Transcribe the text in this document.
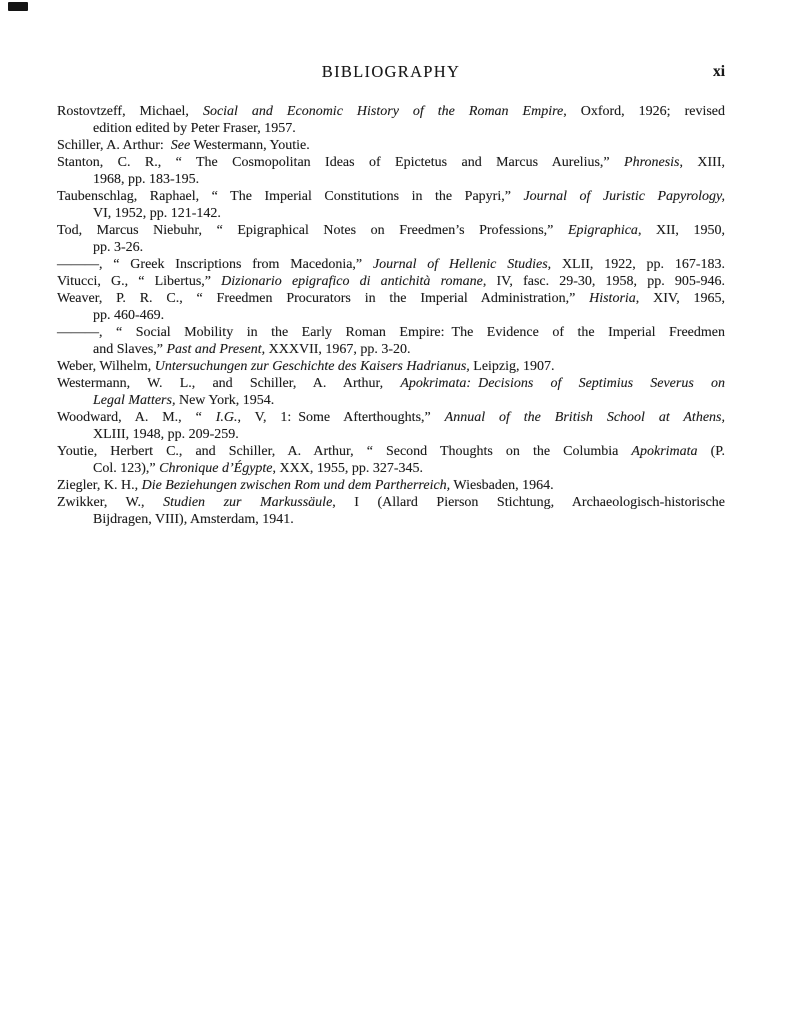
BIBLIOGRAPHY	xi
Rostovtzeff, Michael, Social and Economic History of the Roman Empire, Oxford, 1926; revised
edition edited by Peter Fraser, 1957.
Schiller, A. Arthur: See Westermann, Youtie.
Stanton, C. R., “ The Cosmopolitan Ideas of Epictetus and Marcus Aurelius,” Phronesis, XIII,
1968, pp. 183-195.
Taubenschlag, Raphael, “ The Imperial Constitutions in the Papyri,” Journal of Juristic Papyrology,
VI, 1952, pp. 121-142.
Tod, Marcus Niebuhr, “ Epigraphical Notes on Freedmen’s Professions,” Epigraphica, XII, 1950,
pp. 3-26.
———, “ Greek Inscriptions from Macedonia,” Journal of Hellenic Studies, XLII, 1922, pp. 167-183.
Vitucci, G., “ Libertus,” Dizionario epigrafico di antichità romane, IV, fasc. 29-30, 1958, pp. 905-946.
Weaver, P. R. C., “ Freedmen Procurators in the Imperial Administration,” Historia, XIV, 1965,
pp. 460-469.
———, “ Social Mobility in the Early Roman Empire: The Evidence of the Imperial Freedmen
and Slaves,” Past and Present, XXXVII, 1967, pp. 3-20.
Weber, Wilhelm, Untersuchungen zur Geschichte des Kaisers Hadrianus, Leipzig, 1907.
Westermann, W. L., and Schiller, A. Arthur, Apokrimata: Decisions of Septimius Severus on
Legal Matters, New York, 1954.
Woodward, A. M., “ I.G., V, 1: Some Afterthoughts,” Annual of the British School at Athens,
XLIII, 1948, pp. 209-259.
Youtie, Herbert C., and Schiller, A. Arthur, “ Second Thoughts on the Columbia Apokrimata (P.
Col. 123),” Chronique d’Égypte, XXX, 1955, pp. 327-345.
Ziegler, K. H., Die Beziehungen zwischen Rom und dem Partherreich, Wiesbaden, 1964.
Zwikker, W., Studien zur Markussäule, I (Allard Pierson Stichtung, Archaeologisch-historische
Bijdragen, VIII), Amsterdam, 1941.
